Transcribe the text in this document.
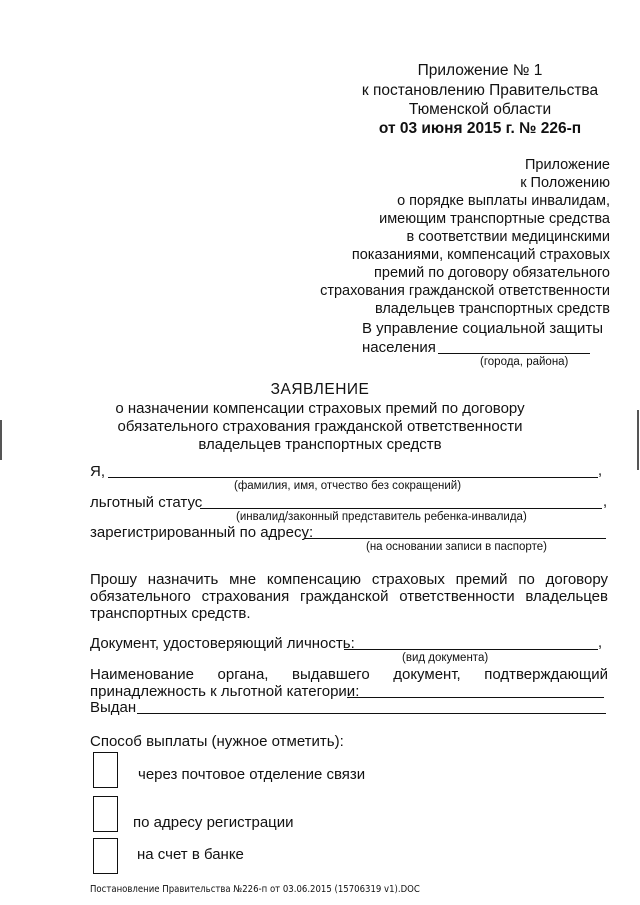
Приложение № 1
к постановлению Правительства
Тюменской области
от 03 июня 2015 г. № 226-п
Приложение
к Положению
о порядке выплаты инвалидам,
имеющим транспортные средства
в соответствии медицинскими
показаниями, компенсаций страховых
премий по договору обязательного
страхования гражданской ответственности
владельцев транспортных средств
В управление социальной защиты
населения
(города, района)
ЗАЯВЛЕНИЕ
о назначении компенсации страховых премий по договору
обязательного страхования гражданской ответственности
владельцев транспортных средств
Я,	,
(фамилия, имя, отчество без сокращений)
льготный статус	,
(инвалид/законный представитель ребенка-инвалида)
зарегистрированный по адресу:
(на основании записи в паспорте)
Прошу назначить мне компенсацию страховых премий по договору
обязательного страхования гражданской ответственности владельцев
транспортных средств.
Документ, удостоверяющий личность:	,
(вид документа)
Наименование органа, выдавшего документ, подтверждающий
принадлежность к льготной категории:
Выдан
Способ выплаты (нужное отметить):
через почтовое отделение связи
по адресу регистрации
на счет в банке
Постановление Правительства №226-п от 03.06.2015 (15706319 v1).DOC
